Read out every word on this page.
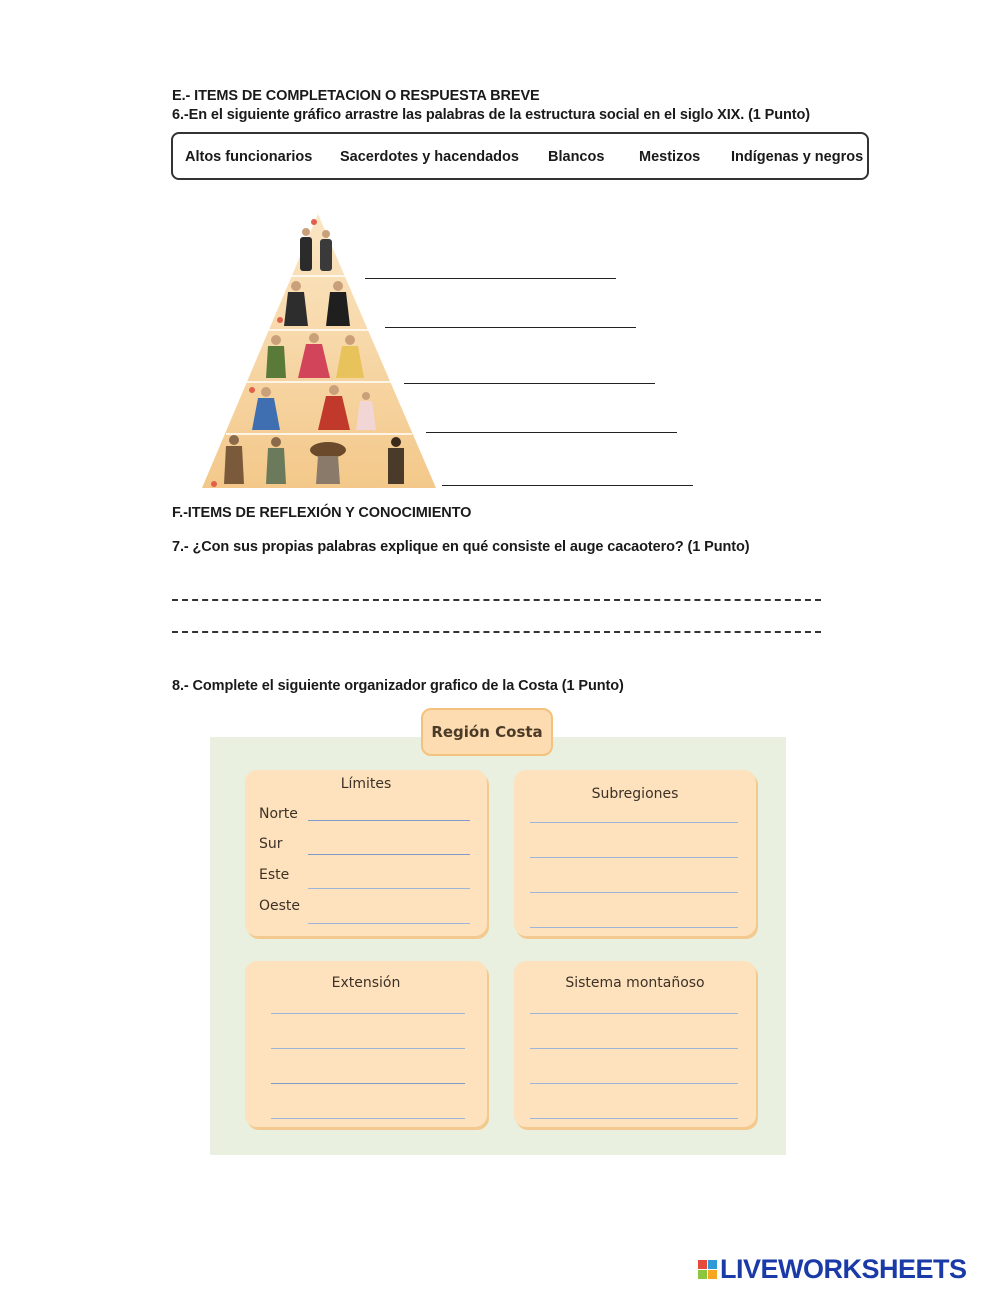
E.- ITEMS DE COMPLETACION O RESPUESTA BREVE
6.-En el siguiente gráfico arrastre las palabras de la estructura social en el siglo XIX. (1 Punto)
Altos funcionarios Sacerdotes y hacendados Blancos Mestizos Indígenas y negros
F.-ITEMS DE REFLEXIÓN Y CONOCIMIENTO
7.- ¿Con sus propias palabras explique en qué consiste el auge cacaotero? (1 Punto)
8.- Complete el siguiente organizador grafico de la Costa (1 Punto)
Región Costa
Límites
Norte
Sur
Este
Oeste
Subregiones
Extensión	Sistema montañoso
LIVEWORKSHEETS
